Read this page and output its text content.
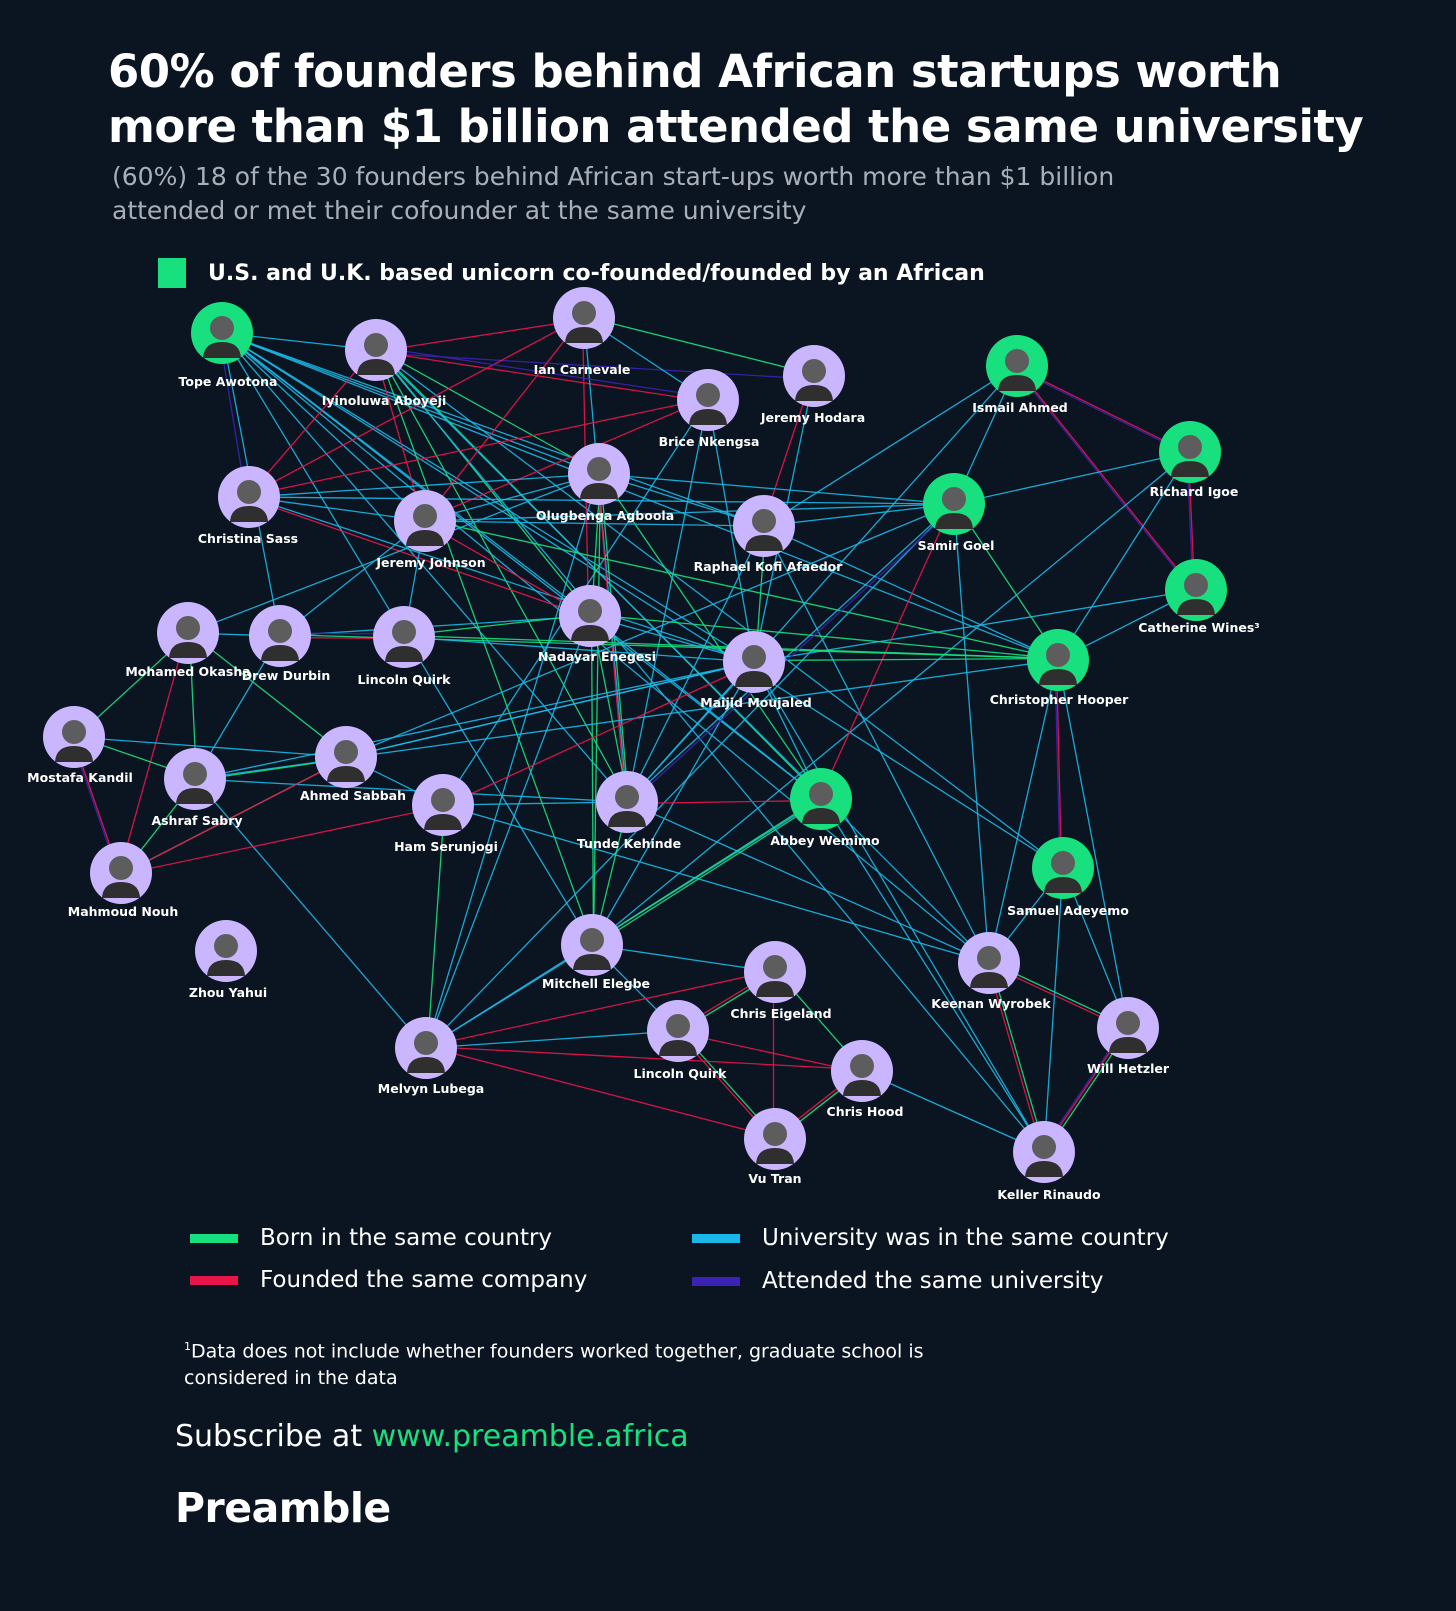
60% of founders behind African startups worth more than $1 billion attended the same university

(60%) 18 of the 30 founders behind African start-ups worth more than $1 billion attended or met their cofounder at the same university

U.S. and U.K. based unicorn co-founded/founded by an African
Tope Awotona
Iyinoluwa Aboyeji
Ian Carnevale
Jeremy Hodara
Brice Nkengsa
Ismail Ahmed
Richard Igoe
Christina Sass
Olugbenga Agboola
Jeremy Johnson	Raphael Kofi Afaedor
Samir Goel
Catherine Wines³
Mohamed Okasha
Drew Durbin Lincoln Quirk
Nadayar Enegesi
Maijid Moujaled	Christopher Hooper
Mostafa Kandil
Ahmed Sabbah
Ashraf Sabry
Ham Serunjogi	Tunde Kehinde	Abbey Wemimo
Samuel Adeyemo
Mahmoud Nouh
Zhou Yahui
Mitchell Elegbe
Chris Eigeland
Keenan Wyrobek
Will Hetzler
Melvyn Lubega
Lincoln Quirk
Chris Hood
Vu Tran
Keller Rinaudo
Born in the same country
Founded the same company
University was in the same country
Attended the same university

$^1$Data does not include whether founders worked together, graduate school is considered in the data

Subscribe at www.preamble.africa

Preamble
